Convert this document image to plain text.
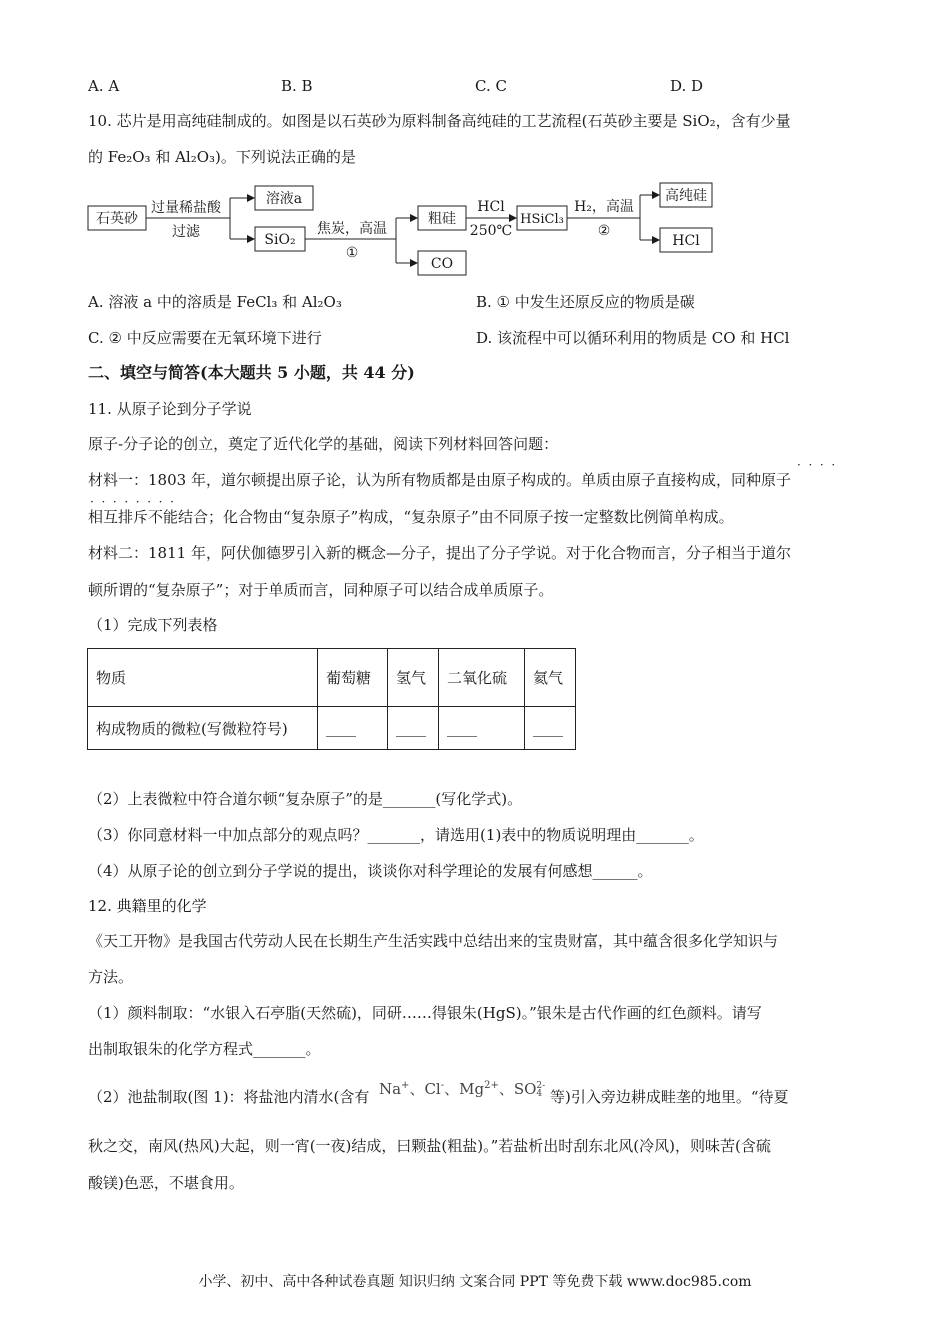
A. A	B. B	C. C	D. D
10. 芯片是用高纯硅制成的。如图是以石英砂为原料制备高纯硅的工艺流程(石英砂主要是 SiO₂，含有少量
的 Fe₂O₃ 和 Al₂O₃)。下列说法正确的是
石英砂
溶液a
SiO₂
粗硅
CO
HSiCl₃
高纯硅
HCl
过量稀盐酸
过滤	焦炭，高温
①
HCl
250℃
H₂，高温
②
A. 溶液 a 中的溶质是 FeCl₃ 和 Al₂O₃	B. ① 中发生还原反应的物质是碳
C. ② 中反应需要在无氧环境下进行	D. 该流程中可以循环利用的物质是 CO 和 HCl
二、填空与简答(本大题共 5 小题，共 44 分)
11. 从原子论到分子学说
原子-分子论的创立，奠定了近代化学的基础，阅读下列材料回答问题：
材料一：1803 年，道尔顿提出原子论，认为所有物质都是由原子构成的。单质由原子直接构成，同种原子
·  ·  ·  ·
·  ·  ·  ·  ·  ·  ·  ·
相互排斥不能结合；化合物由“复杂原子”构成，“复杂原子”由不同原子按一定整数比例简单构成。
材料二：1811 年，阿伏伽德罗引入新的概念—分子，提出了分子学说。对于化合物而言，分子相当于道尔
顿所谓的“复杂原子”；对于单质而言，同种原子可以结合成单质原子。
（1）完成下列表格
物质	葡萄糖	氢气	二氧化硫	氦气
构成物质的微粒(写微粒符号)	____	____	____	____
（2）上表微粒中符合道尔顿“复杂原子”的是_______(写化学式)。
（3）你同意材料一中加点部分的观点吗？_______，请选用(1)表中的物质说明理由_______。
（4）从原子论的创立到分子学说的提出，谈谈你对科学理论的发展有何感想______。
12. 典籍里的化学
《天工开物》是我国古代劳动人民在长期生产生活实践中总结出来的宝贵财富，其中蕴含很多化学知识与
方法。
（1）颜料制取：“水银入石亭脂(天然硫)，同研……得银朱(HgS)。”银朱是古代作画的红色颜料。请写
出制取银朱的化学方程式_______。
（2）池盐制取(图 1)：将盐池内清水(含有  Na+、Cl-、$Mg^{2+}$、SO2-
4 等)引入旁边耕成畦垄的地里。“待夏
秋之交，南风(热风)大起，则一宵(一夜)结成，曰颗盐(粗盐)。”若盐析出时刮东北风(冷风)，则味苦(含硫
酸镁)色恶，不堪食用。
小学、初中、高中各种试卷真题 知识归纳 文案合同 PPT 等免费下载 www.doc985.com
